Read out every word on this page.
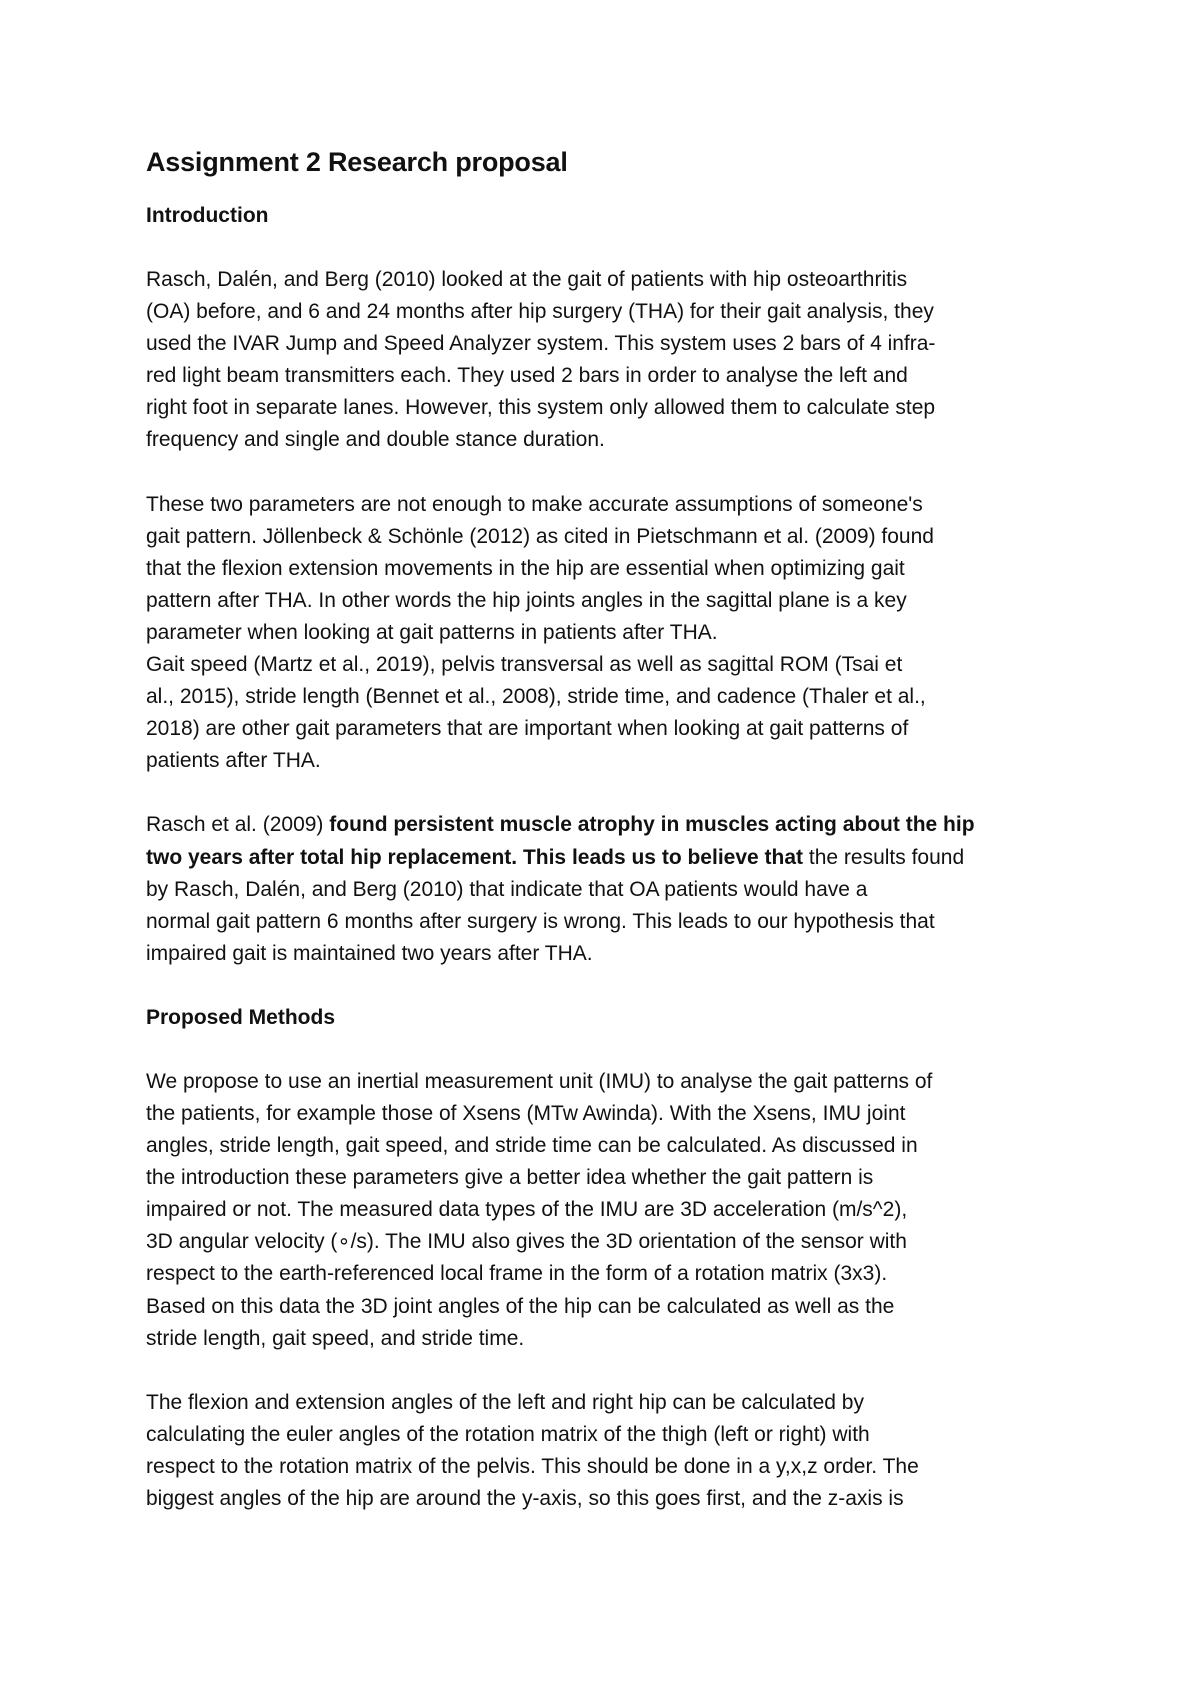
Assignment 2 Research proposal
Introduction
Rasch, Dalén, and Berg (2010) looked at the gait of patients with hip osteoarthritis
(OA) before, and 6 and 24 months after hip surgery (THA) for their gait analysis, they
used the IVAR Jump and Speed Analyzer system. This system uses 2 bars of 4 infra-
red light beam transmitters each. They used 2 bars in order to analyse the left and
right foot in separate lanes. However, this system only allowed them to calculate step
frequency and single and double stance duration.
These two parameters are not enough to make accurate assumptions of someone's
gait pattern. Jöllenbeck & Schönle (2012) as cited in Pietschmann et al. (2009) found
that the flexion extension movements in the hip are essential when optimizing gait
pattern after THA. In other words the hip joints angles in the sagittal plane is a key
parameter when looking at gait patterns in patients after THA.
Gait speed (Martz et al., 2019), pelvis transversal as well as sagittal ROM (Tsai et
al., 2015), stride length (Bennet et al., 2008), stride time, and cadence (Thaler et al.,
2018) are other gait parameters that are important when looking at gait patterns of
patients after THA.
Rasch et al. (2009) found persistent muscle atrophy in muscles acting about the hip
two years after total hip replacement. This leads us to believe that the results found
by Rasch, Dalén, and Berg (2010) that indicate that OA patients would have a
normal gait pattern 6 months after surgery is wrong. This leads to our hypothesis that
impaired gait is maintained two years after THA.
Proposed Methods
We propose to use an inertial measurement unit (IMU) to analyse the gait patterns of
the patients, for example those of Xsens (MTw Awinda). With the Xsens, IMU joint
angles, stride length, gait speed, and stride time can be calculated. As discussed in
the introduction these parameters give a better idea whether the gait pattern is
impaired or not. The measured data types of the IMU are 3D acceleration (m/s^2),
3D angular velocity (∘/s). The IMU also gives the 3D orientation of the sensor with
respect to the earth-referenced local frame in the form of a rotation matrix (3x3).
Based on this data the 3D joint angles of the hip can be calculated as well as the
stride length, gait speed, and stride time.
The flexion and extension angles of the left and right hip can be calculated by
calculating the euler angles of the rotation matrix of the thigh (left or right) with
respect to the rotation matrix of the pelvis. This should be done in a y,x,z order. The
biggest angles of the hip are around the y-axis, so this goes first, and the z-axis is
